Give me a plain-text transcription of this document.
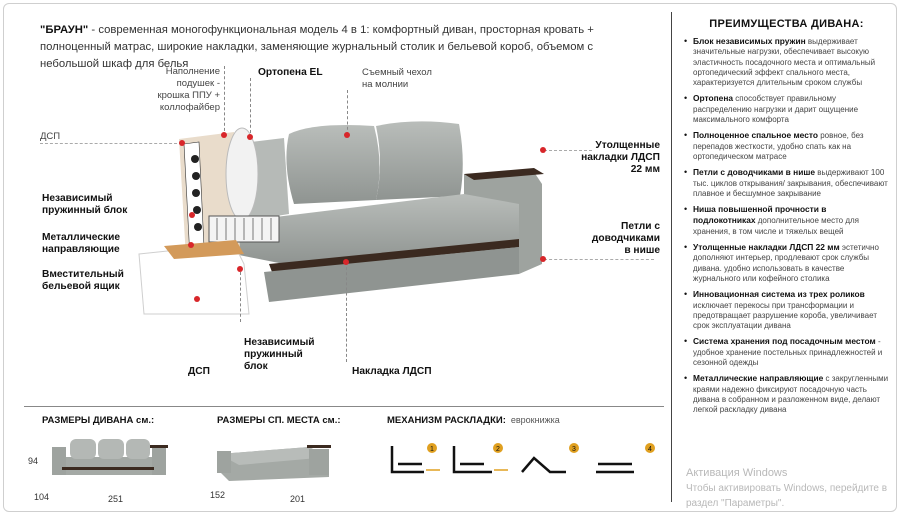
"БРАУН" - современная моногофункциональная модель 4 в 1: комфортный диван, просторная кровать + полноценный матрас, широкие накладки, заменяющие журнальный столик и бельевой короб, объемом с небольшой шкаф для белья
Наполнение подушек - крошка ППУ + коллофайбер
Ортопена EL	Съемный чехол на молнии
ДСП
Утолщенные накладки ЛДСП 22 мм
Независимый пружинный блок
Металлические направляющие
Вместительный бельевой ящик
Петли с доводчиками в нише
ДСП
Независимый пружинный блок	Накладка ЛДСП
РАЗМЕРЫ ДИВАНА см.:	РАЗМЕРЫ СП. МЕСТА см.:	МЕХАНИЗМ РАСКЛАДКИ: еврокнижка
94
104	251	152	201
1	2	3	4
ПРЕИМУЩЕСТВА ДИВАНА:
• Блок независимых пружин выдерживает значительные нагрузки, обеспечивает высокую эластичность посадочного места и оптимальный ортопедический эффект спального места, характеризуется длительным сроком службы
• Ортопена способствует правильному распределению нагрузки и дарит ощущение максимального комфорта
• Полноценное спальное место ровное, без перепадов жесткости, удобно спать как на ортопедическом матрасе
• Петли с доводчиками в нише выдерживают 100 тыс. циклов открывания/ закрывания, обеспечивают плавное и бесшумное закрывание
• Ниша повышенной прочности в подлокотниках дополнительное место для хранения, в том числе и тяжелых вещей
• Утолщенные накладки ЛДСП 22 мм эстетично дополняют интерьер, продлевают срок службы дивана. удобно использовать в качестве журнального или кофейного столика
• Инновационная система из трех роликов исключает перекосы при трансформации и предотвращает разрушение короба, увеличивает срок эксплуатации дивана
• Система хранения под посадочным местом - удобное хранение постельных принадлежностей и сезонной одежды
• Металлические направляющие с закругленными краями надежно фиксируют посадочную часть дивана в собранном и разложенном виде, делают легкой раскладку дивана
Активация Windows
Чтобы активировать Windows, перейдите в
раздел "Параметры".
